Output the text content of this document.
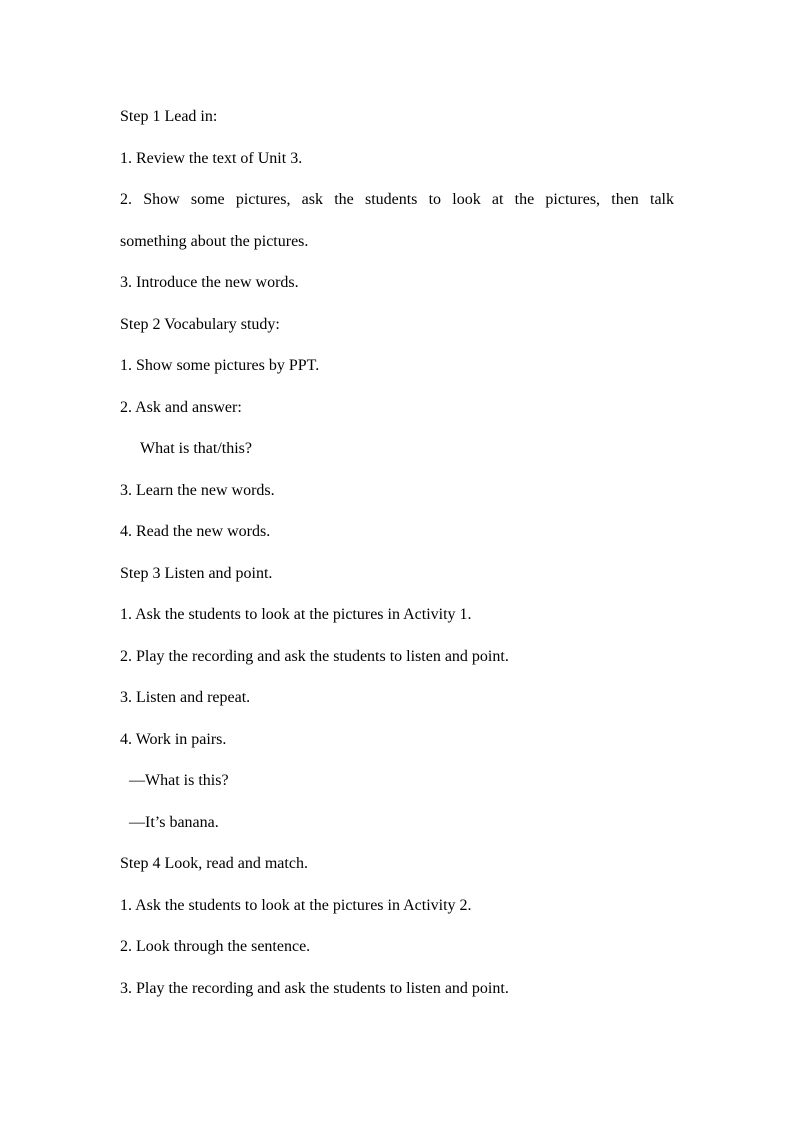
Step 1 Lead in:
1. Review the text of Unit 3.
2. Show some pictures, ask the students to look at the pictures, then talk
something about the pictures.
3. Introduce the new words.
Step 2 Vocabulary study:
1. Show some pictures by PPT.
2. Ask and answer:
What is that/this?
3. Learn the new words.
4. Read the new words.
Step 3 Listen and point.
1. Ask the students to look at the pictures in Activity 1.
2. Play the recording and ask the students to listen and point.
3. Listen and repeat.
4. Work in pairs.
—What is this?
—It’s banana.
Step 4 Look, read and match.
1. Ask the students to look at the pictures in Activity 2.
2. Look through the sentence.
3. Play the recording and ask the students to listen and point.
